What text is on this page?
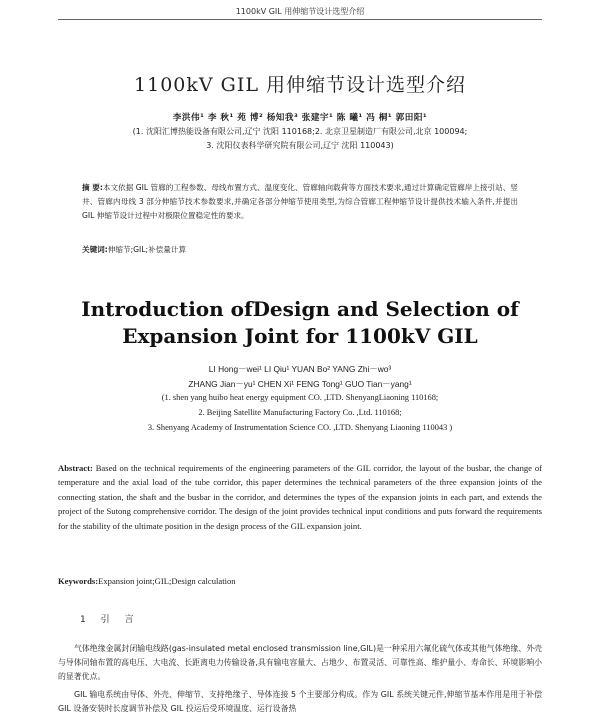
1100kV GIL 用伸缩节设计选型介绍
1100kV GIL 用伸缩节设计选型介绍
李洪伟¹ 李 秋¹ 苑 博² 杨知我³ 张建宇¹ 陈 曦¹ 冯 桐¹ 郭田阳¹
(1. 沈阳汇博热能设备有限公司,辽宁 沈阳 110168;2. 北京卫星制造厂有限公司,北京 100094;
3. 沈阳仪表科学研究院有限公司,辽宁 沈阳 110043)
摘 要:本文依据 GIL 管廊的工程参数、母线布置方式、温度变化、管廊轴向载荷等方面技术要求,通过计算确定管廊岸上接引站、竖井、管廊内母线 3 部分伸缩节技术参数要求,并确定各部分伸缩节使用类型,为综合管廊工程伸缩节设计提供技术输入条件,并提出 GIL 伸缩节设计过程中对极限位置稳定性的要求。
关键词:伸缩节;GIL;补偿量计算
Introduction ofDesign and Selection of
Expansion Joint for 1100kV GIL
LI Hong－wei¹ LI Qiu¹ YUAN Bo² YANG Zhi－wo³
ZHANG Jian－yu¹ CHEN Xi¹ FENG Tong¹ GUO Tian－yang¹
(1. shen yang huibo heat energy equipment CO. ,LTD. ShenyangLiaoning 110168;
2. Beijing Satellite Manufacturing Factory Co. ,Ltd. 110168;
3. Shenyang Academy of Instrumentation Science CO. ,LTD. Shenyang Liaoning 110043 )
Abstract: Based on the technical requirements of the engineering parameters of the GIL corridor, the layout of the busbar, the change of temperature and the axial load of the tube corridor, this paper determines the technical parameters of the three expansion joints of the connecting station, the shaft and the busbar in the corridor, and determines the types of the expansion joints in each part, and extends the project of the Sutong comprehensive corridor. The design of the joint provides technical input conditions and puts forward the requirements for the stability of the ultimate position in the design process of the GIL expansion joint.
Keywords:Expansion joint;GIL;Design calculation
1 引 言
气体绝缘金属封闭输电线路(gas-insulated metal enclosed transmission line,GIL)是一种采用六氟化硫气体或其他气体绝缘、外壳与导体同轴布置的高电压、大电流、长距离电力传输设备,具有输电容量大、占地少、布置灵活、可靠性高、维护量小、寿命长、环境影响小的显著优点。
GIL 输电系统由导体、外壳、伸缩节、支持绝缘子、导体连接 5 个主要部分构成。作为 GIL 系统关键元件,伸缩节基本作用是用于补偿 GIL 设备安装时长度调节补偿及 GIL 投运后受环境温度、运行设备热
